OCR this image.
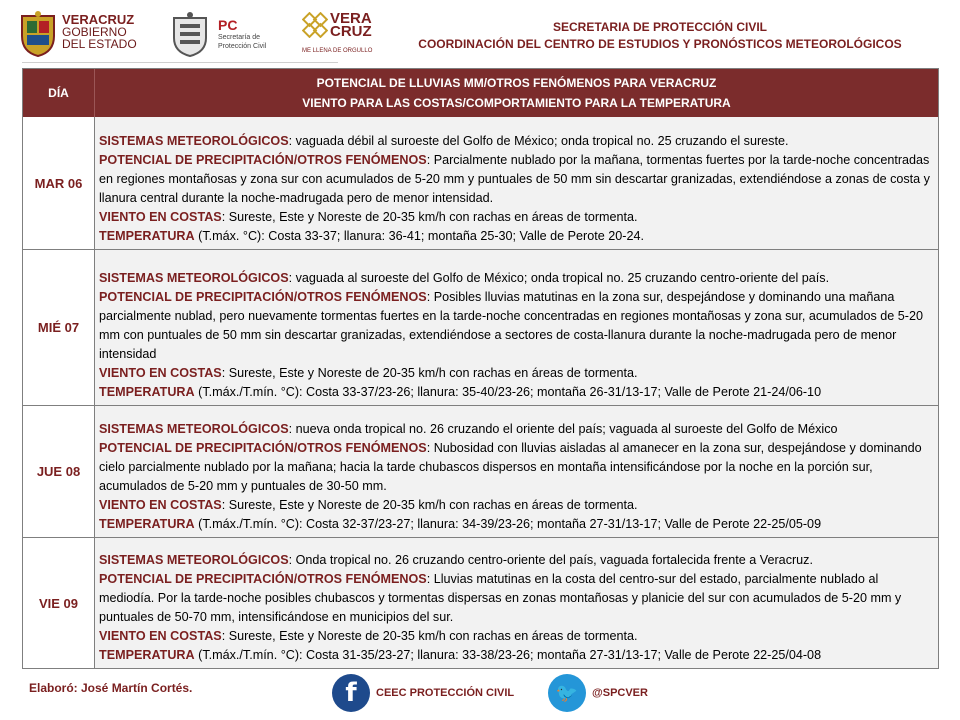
VERACRUZ
GOBIERNO
DEL ESTADO
PC
Secretaría de
Protección Civil
VERA
CRUZ
ME LLENA DE ORGULLO
SECRETARIA DE PROTECCIÓN CIVIL
COORDINACIÓN DEL CENTRO DE ESTUDIOS Y PRONÓSTICOS METEOROLÓGICOS
DÍA
POTENCIAL DE LLUVIAS MM/OTROS FENÓMENOS PARA VERACRUZ
VIENTO PARA LAS COSTAS/COMPORTAMIENTO PARA LA TEMPERATURA
MAR 06
SISTEMAS METEOROLÓGICOS: vaguada débil al suroeste del Golfo de México; onda tropical no. 25 cruzando el sureste.
POTENCIAL DE PRECIPITACIÓN/OTROS FENÓMENOS: Parcialmente nublado por la mañana, tormentas fuertes por la tarde-noche concentradas en regiones montañosas y zona sur con acumulados de 5-20 mm y puntuales de 50 mm sin descartar granizadas, extendiéndose a zonas de costa y llanura central durante la noche-madrugada pero de menor intensidad.
VIENTO EN COSTAS: Sureste, Este y Noreste de 20-35 km/h con rachas en áreas de tormenta.
TEMPERATURA (T.máx. °C): Costa 33-37; llanura: 36-41; montaña 25-30; Valle de Perote 20-24.
MIÉ 07
SISTEMAS METEOROLÓGICOS: vaguada al suroeste del Golfo de México; onda tropical no. 25 cruzando centro-oriente del país.
POTENCIAL DE PRECIPITACIÓN/OTROS FENÓMENOS: Posibles lluvias matutinas en la zona sur, despejándose y dominando una mañana parcialmente nublad, pero nuevamente tormentas fuertes en la tarde-noche concentradas en regiones montañosas y zona sur, acumulados de 5-20 mm con puntuales de 50 mm sin descartar granizadas, extendiéndose a sectores de costa-llanura durante la noche-madrugada pero de menor intensidad
VIENTO EN COSTAS: Sureste, Este y Noreste de 20-35 km/h con rachas en áreas de tormenta.
TEMPERATURA (T.máx./T.mín. °C): Costa 33-37/23-26; llanura: 35-40/23-26; montaña 26-31/13-17; Valle de Perote 21-24/06-10
JUE 08
SISTEMAS METEOROLÓGICOS: nueva onda tropical no. 26 cruzando el oriente del país; vaguada al suroeste del Golfo de México
POTENCIAL DE PRECIPITACIÓN/OTROS FENÓMENOS: Nubosidad con lluvias aisladas al amanecer en la zona sur, despejándose y dominando cielo parcialmente nublado por la mañana; hacia la tarde chubascos dispersos en montaña intensificándose por la noche en la porción sur, acumulados de 5-20 mm y puntuales de 30-50 mm.
VIENTO EN COSTAS: Sureste, Este y Noreste de 20-35 km/h con rachas en áreas de tormenta.
TEMPERATURA (T.máx./T.mín. °C): Costa 32-37/23-27; llanura: 34-39/23-26; montaña 27-31/13-17; Valle de Perote 22-25/05-09
VIE 09
SISTEMAS METEOROLÓGICOS: Onda tropical no. 26 cruzando centro-oriente del país, vaguada fortalecida frente a Veracruz.
POTENCIAL DE PRECIPITACIÓN/OTROS FENÓMENOS: Lluvias matutinas en la costa del centro-sur del estado, parcialmente nublado al mediodía. Por la tarde-noche posibles chubascos y tormentas dispersas en zonas montañosas y planicie del sur con acumulados de 5-20 mm y puntuales de 50-70 mm, intensificándose en municipios del sur.
VIENTO EN COSTAS: Sureste, Este y Noreste de 20-35 km/h con rachas en áreas de tormenta.
TEMPERATURA (T.máx./T.mín. °C): Costa 31-35/23-27; llanura: 33-38/23-26; montaña 27-31/13-17; Valle de Perote 22-25/04-08
Elaboró: José Martín Cortés.	f	CEEC PROTECCIÓN CIVIL	🐦	@SPCVER
